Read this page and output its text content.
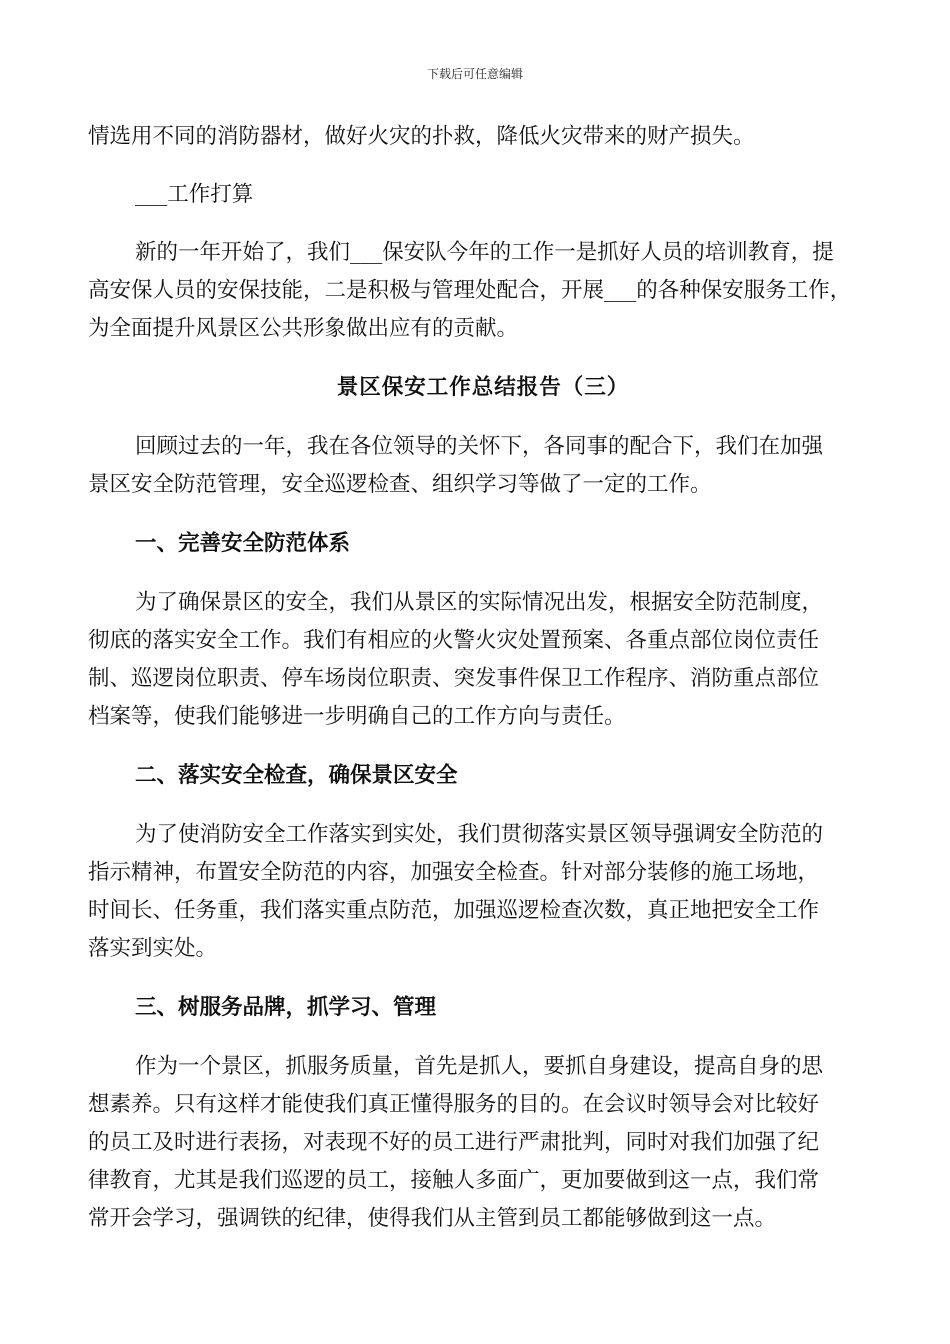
下载后可任意编辑
情选用不同的消防器材，做好火灾的扑救，降低火灾带来的财产损失。
___工作打算
新的一年开始了，我们___保安队今年的工作一是抓好人员的培训教育，提
高安保人员的安保技能，二是积极与管理处配合，开展___的各种保安服务工作，
为全面提升风景区公共形象做出应有的贡献。
景区保安工作总结报告（三）
回顾过去的一年，我在各位领导的关怀下，各同事的配合下，我们在加强
景区安全防范管理，安全巡逻检查、组织学习等做了一定的工作。
一、完善安全防范体系
为了确保景区的安全，我们从景区的实际情况出发，根据安全防范制度，
彻底的落实安全工作。我们有相应的火警火灾处置预案、各重点部位岗位责任
制、巡逻岗位职责、停车场岗位职责、突发事件保卫工作程序、消防重点部位
档案等，使我们能够进一步明确自己的工作方向与责任。
二、落实安全检查，确保景区安全
为了使消防安全工作落实到实处，我们贯彻落实景区领导强调安全防范的
指示精神，布置安全防范的内容，加强安全检查。针对部分装修的施工场地，
时间长、任务重，我们落实重点防范，加强巡逻检查次数，真正地把安全工作
落实到实处。
三、树服务品牌，抓学习、管理
作为一个景区，抓服务质量，首先是抓人，要抓自身建设，提高自身的思
想素养。只有这样才能使我们真正懂得服务的目的。在会议时领导会对比较好
的员工及时进行表扬，对表现不好的员工进行严肃批判，同时对我们加强了纪
律教育，尤其是我们巡逻的员工，接触人多面广，更加要做到这一点，我们常
常开会学习，强调铁的纪律，使得我们从主管到员工都能够做到这一点。
